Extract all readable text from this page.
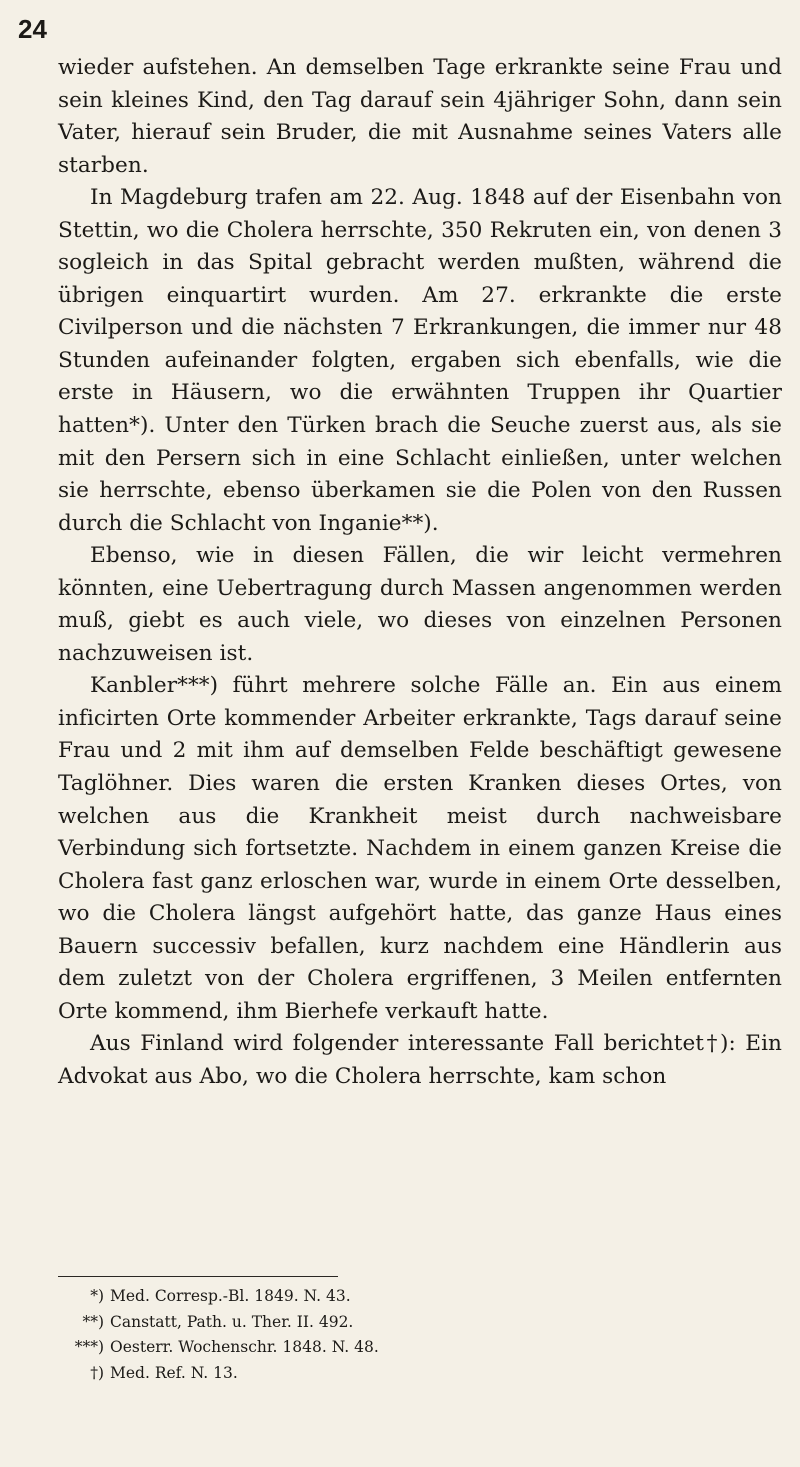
24

wieder aufstehen. An demselben Tage erkrankte seine Frau und sein kleines Kind, den Tag darauf sein 4jähriger Sohn, dann sein Vater, hierauf sein Bruder, die mit Ausnahme seines Vaters alle starben.

In Magdeburg trafen am 22. Aug. 1848 auf der Eisenbahn von Stettin, wo die Cholera herrschte, 350 Rekruten ein, von denen 3 sogleich in das Spital gebracht werden mußten, während die übrigen einquartirt wurden. Am 27. erkrankte die erste Civilperson und die nächsten 7 Erkrankungen, die immer nur 48 Stunden aufeinander folgten, ergaben sich ebenfalls, wie die erste in Häusern, wo die erwähnten Truppen ihr Quartier hatten*). Unter den Türken brach die Seuche zuerst aus, als sie mit den Persern sich in eine Schlacht einließen, unter welchen sie herrschte, ebenso überkamen sie die Polen von den Russen durch die Schlacht von Inganie**).

Ebenso, wie in diesen Fällen, die wir leicht vermehren könnten, eine Uebertragung durch Massen angenommen werden muß, giebt es auch viele, wo dieses von einzelnen Personen nachzuweisen ist.

Kanbler***) führt mehrere solche Fälle an. Ein aus einem inficirten Orte kommender Arbeiter erkrankte, Tags darauf seine Frau und 2 mit ihm auf demselben Felde beschäftigt gewesene Taglöhner. Dies waren die ersten Kranken dieses Ortes, von welchen aus die Krankheit meist durch nachweisbare Verbindung sich fortsetzte. Nachdem in einem ganzen Kreise die Cholera fast ganz erloschen war, wurde in einem Orte desselben, wo die Cholera längst aufgehört hatte, das ganze Haus eines Bauern successiv befallen, kurz nachdem eine Händlerin aus dem zuletzt von der Cholera ergriffenen, 3 Meilen entfernten Orte kommend, ihm Bierhefe verkauft hatte.

Aus Finland wird folgender interessante Fall berichtet†): Ein Advokat aus Abo, wo die Cholera herrschte, kam schon

*) Med. Corresp.-Bl. 1849. N. 43.
**) Canstatt, Path. u. Ther. II. 492.
***) Oesterr. Wochenschr. 1848. N. 48.
†) Med. Ref. N. 13.
